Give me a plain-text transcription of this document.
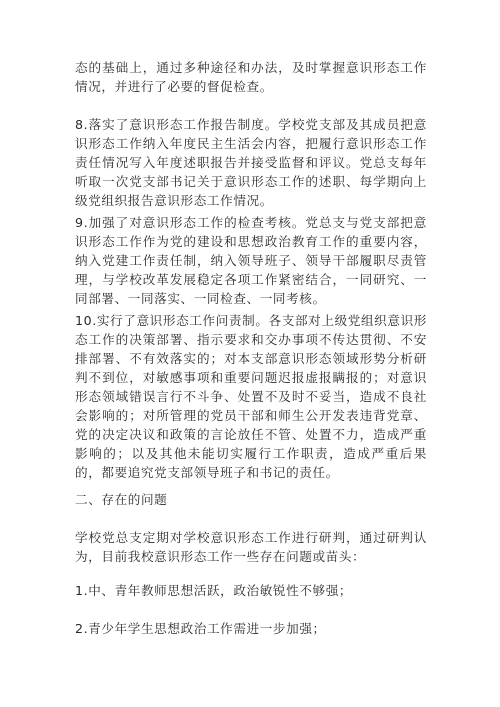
态的基础上，通过多种途径和办法，及时掌握意识形态工作情况，并进行了必要的督促检查。
8.落实了意识形态工作报告制度。学校党支部及其成员把意识形态工作纳入年度民主生活会内容，把履行意识形态工作责任情况写入年度述职报告并接受监督和评议。党总支每年听取一次党支部书记关于意识形态工作的述职、每学期向上级党组织报告意识形态工作情况。
9.加强了对意识形态工作的检查考核。党总支与党支部把意识形态工作作为党的建设和思想政治教育工作的重要内容，纳入党建工作责任制，纳入领导班子、领导干部履职尽责管理，与学校改革发展稳定各项工作紧密结合，一同研究、一同部署、一同落实、一同检查、一同考核。
10.实行了意识形态工作问责制。各支部对上级党组织意识形态工作的决策部署、指示要求和交办事项不传达贯彻、不安排部署、不有效落实的；对本支部意识形态领域形势分析研判不到位，对敏感事项和重要问题迟报虚报瞒报的；对意识形态领域错误言行不斗争、处置不及时不妥当，造成不良社会影响的；对所管理的党员干部和师生公开发表违背党章、党的决定决议和政策的言论放任不管、处置不力，造成严重影响的；以及其他未能切实履行工作职责，造成严重后果的，都要追究党支部领导班子和书记的责任。
二、存在的问题
学校党总支定期对学校意识形态工作进行研判，通过研判认为，目前我校意识形态工作一些存在问题或苗头：
1.中、青年教师思想活跃，政治敏锐性不够强；
2.青少年学生思想政治工作需进一步加强；
